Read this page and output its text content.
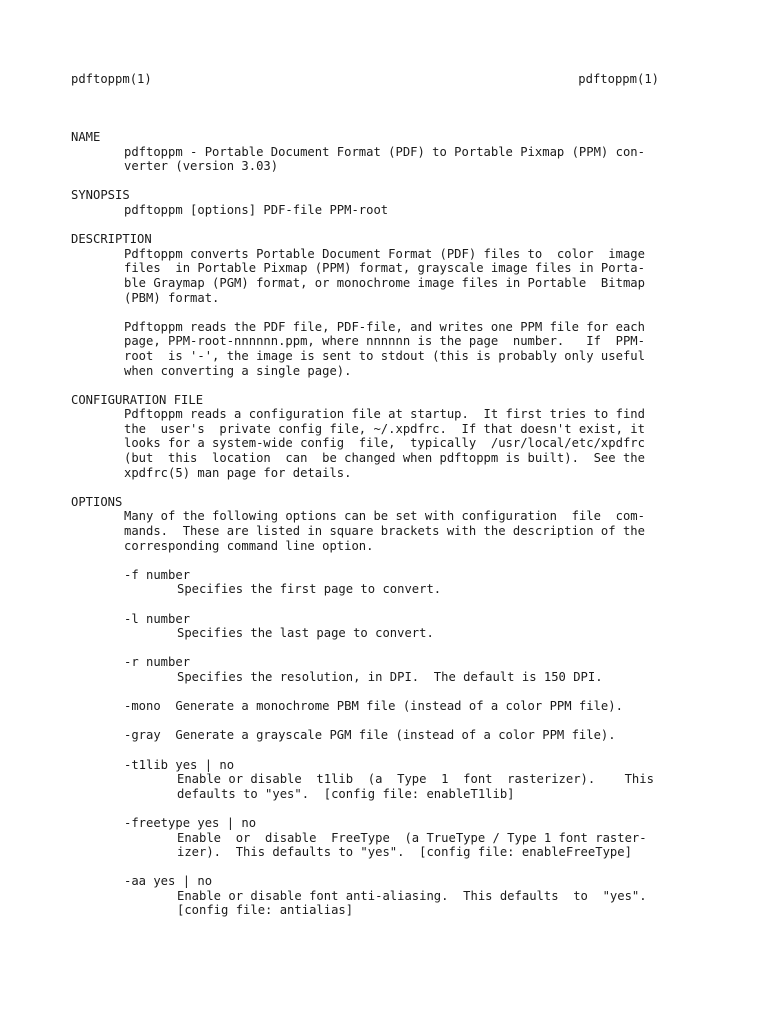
pdftoppm(1)	pdftoppm(1)
NAME
pdftoppm - Portable Document Format (PDF) to Portable Pixmap (PPM) con-
verter (version 3.03)
SYNOPSIS
pdftoppm [options] PDF-file PPM-root
DESCRIPTION
Pdftoppm converts Portable Document Format (PDF) files to  color  image
files  in Portable Pixmap (PPM) format, grayscale image files in Porta-
ble Graymap (PGM) format, or monochrome image files in Portable  Bitmap
(PBM) format.
Pdftoppm reads the PDF file, PDF-file, and writes one PPM file for each
page, PPM-root-nnnnnn.ppm, where nnnnnn is the page  number.   If  PPM-
root  is '-', the image is sent to stdout (this is probably only useful
when converting a single page).
CONFIGURATION FILE
Pdftoppm reads a configuration file at startup.  It first tries to find
the  user's  private config file, ~/.xpdfrc.  If that doesn't exist, it
looks for a system-wide config  file,  typically  /usr/local/etc/xpdfrc
(but  this  location  can  be changed when pdftoppm is built).  See the
xpdfrc(5) man page for details.
OPTIONS
Many of the following options can be set with configuration  file  com-
mands.  These are listed in square brackets with the description of the
corresponding command line option.
-f number
Specifies the first page to convert.
-l number
Specifies the last page to convert.
-r number
Specifies the resolution, in DPI.  The default is 150 DPI.
-mono  Generate a monochrome PBM file (instead of a color PPM file).
-gray  Generate a grayscale PGM file (instead of a color PPM file).
-t1lib yes | no
Enable or disable  t1lib  (a  Type  1  font  rasterizer).    This
defaults to "yes".  [config file: enableT1lib]
-freetype yes | no
Enable  or  disable  FreeType  (a TrueType / Type 1 font raster-
izer).  This defaults to "yes".  [config file: enableFreeType]
-aa yes | no
Enable or disable font anti-aliasing.  This defaults  to  "yes".
[config file: antialias]
